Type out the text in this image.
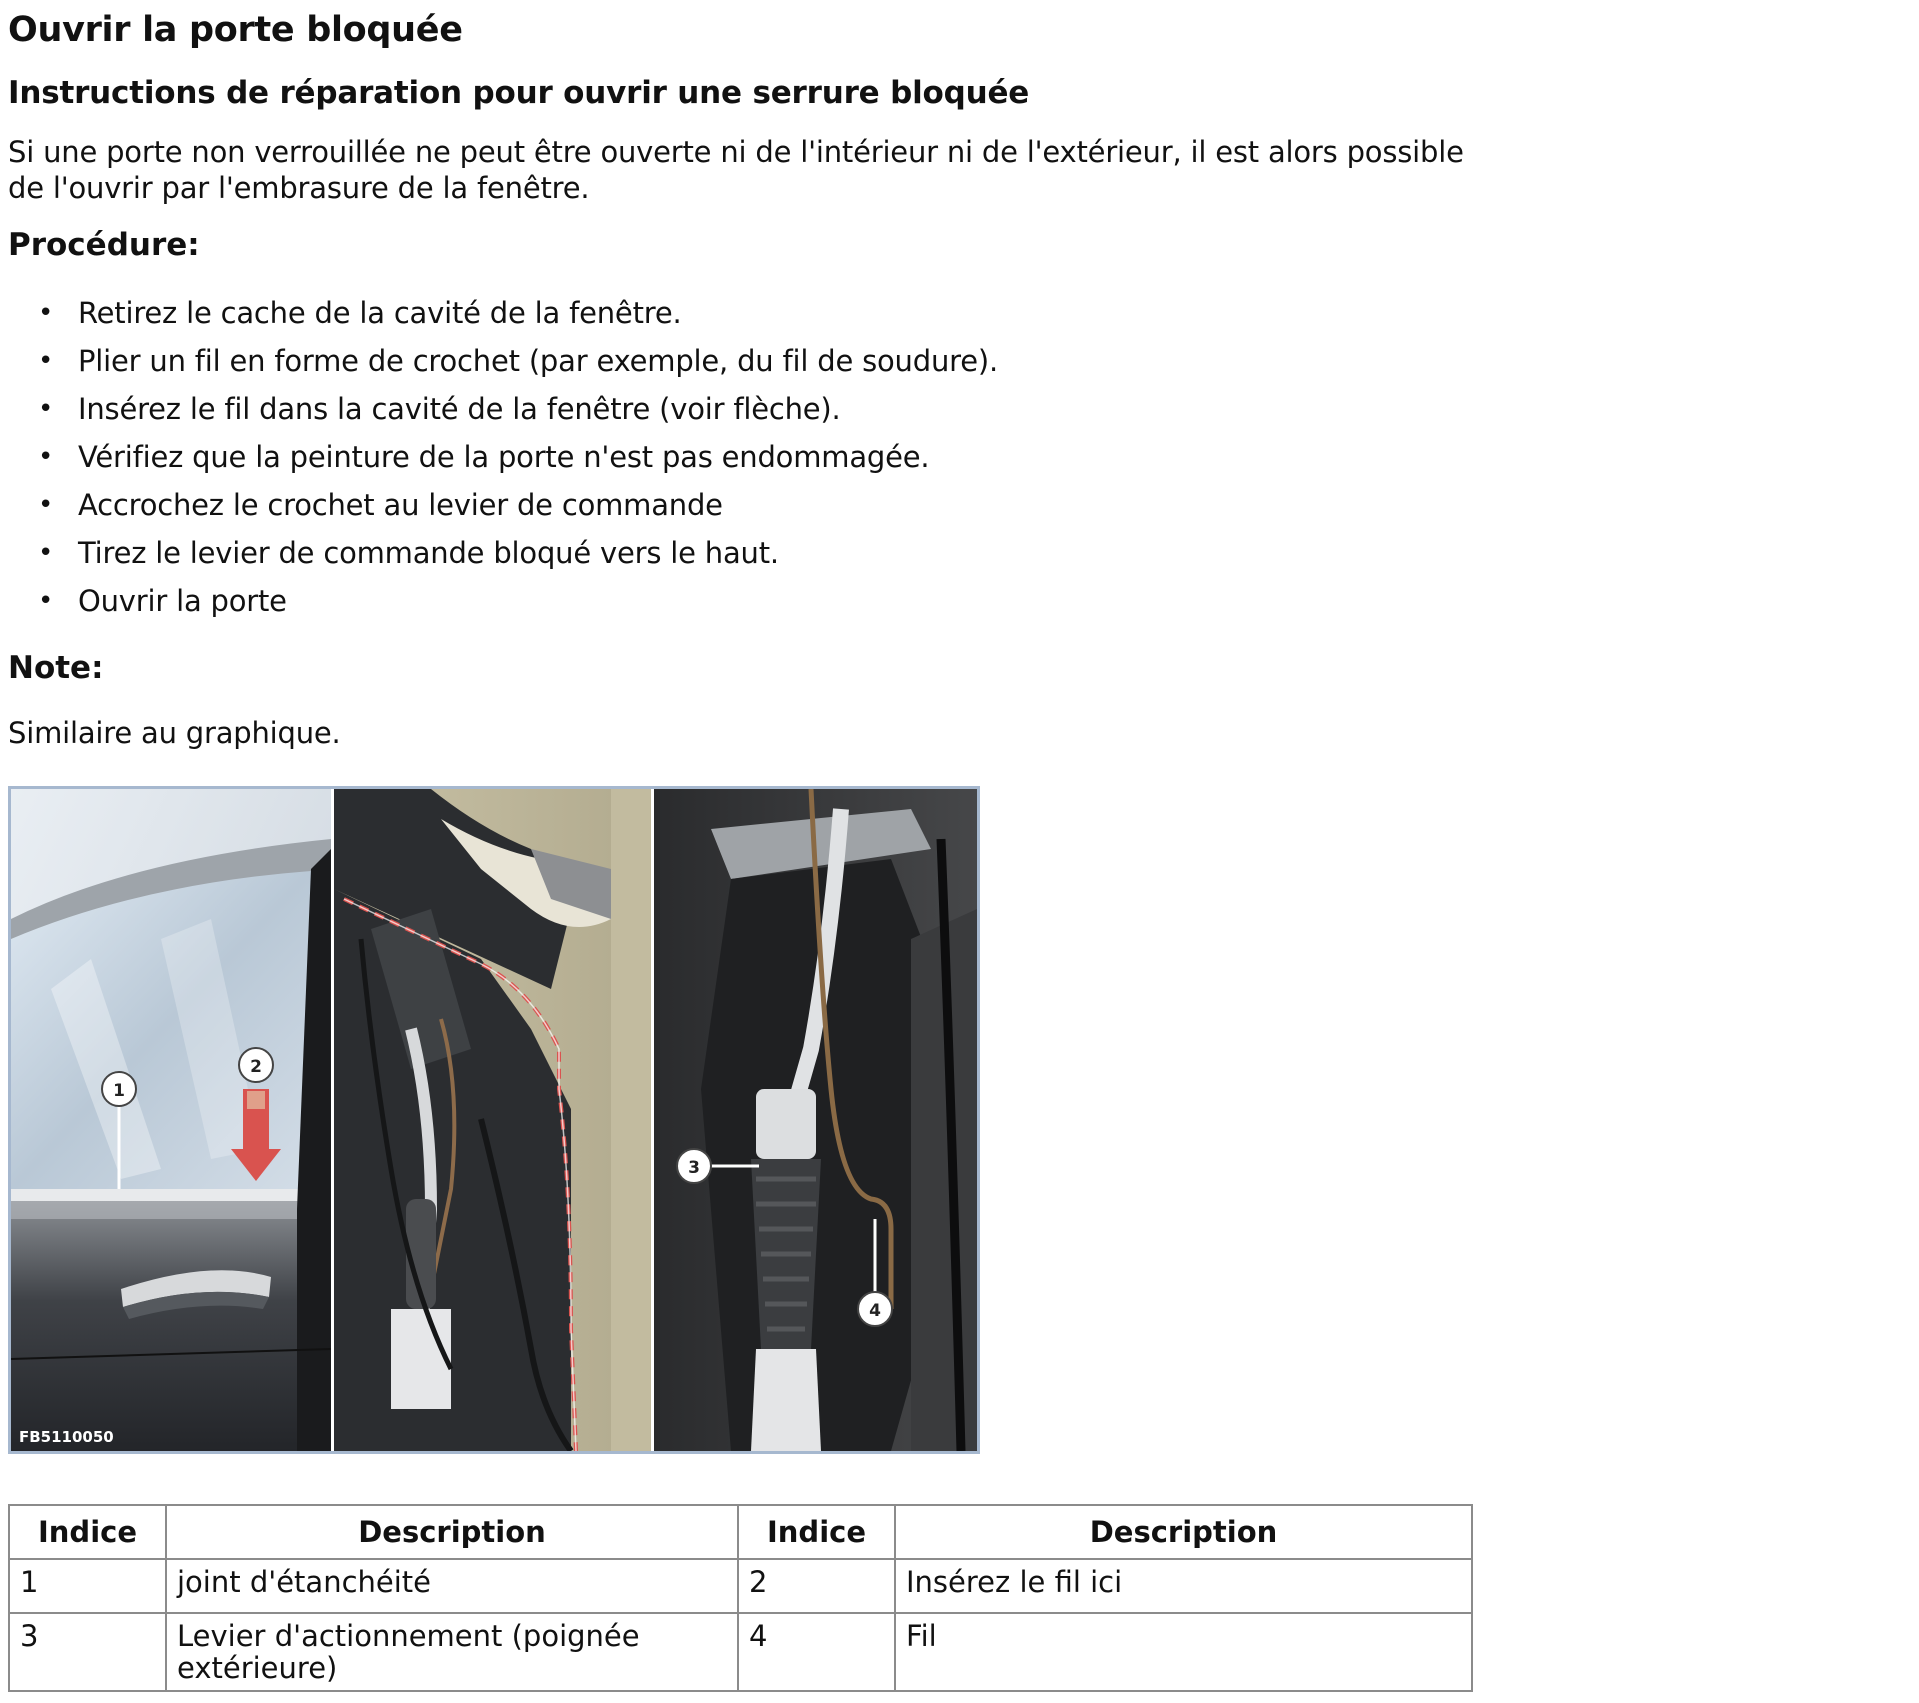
Ouvrir la porte bloquée
Instructions de réparation pour ouvrir une serrure bloquée

Si une porte non verrouillée ne peut être ouverte ni de l'intérieur ni de l'extérieur, il est alors possible de l'ouvrir par l'embrasure de la fenêtre.

Procédure:
• Retirez le cache de la cavité de la fenêtre.
• Plier un fil en forme de crochet (par exemple, du fil de soudure).
• Insérez le fil dans la cavité de la fenêtre (voir flèche).
• Vérifiez que la peinture de la porte n'est pas endommagée.
• Accrochez le crochet au levier de commande
• Tirez le levier de commande bloqué vers le haut.
• Ouvrir la porte
Note:

Similaire au graphique.

1
2
FB5110050
3
4
Indice	Description	Indice	Description
1	joint d'étanchéité	2	Insérez le fil ici
3	Levier d'actionnement (poignée extérieure)	4	Fil
